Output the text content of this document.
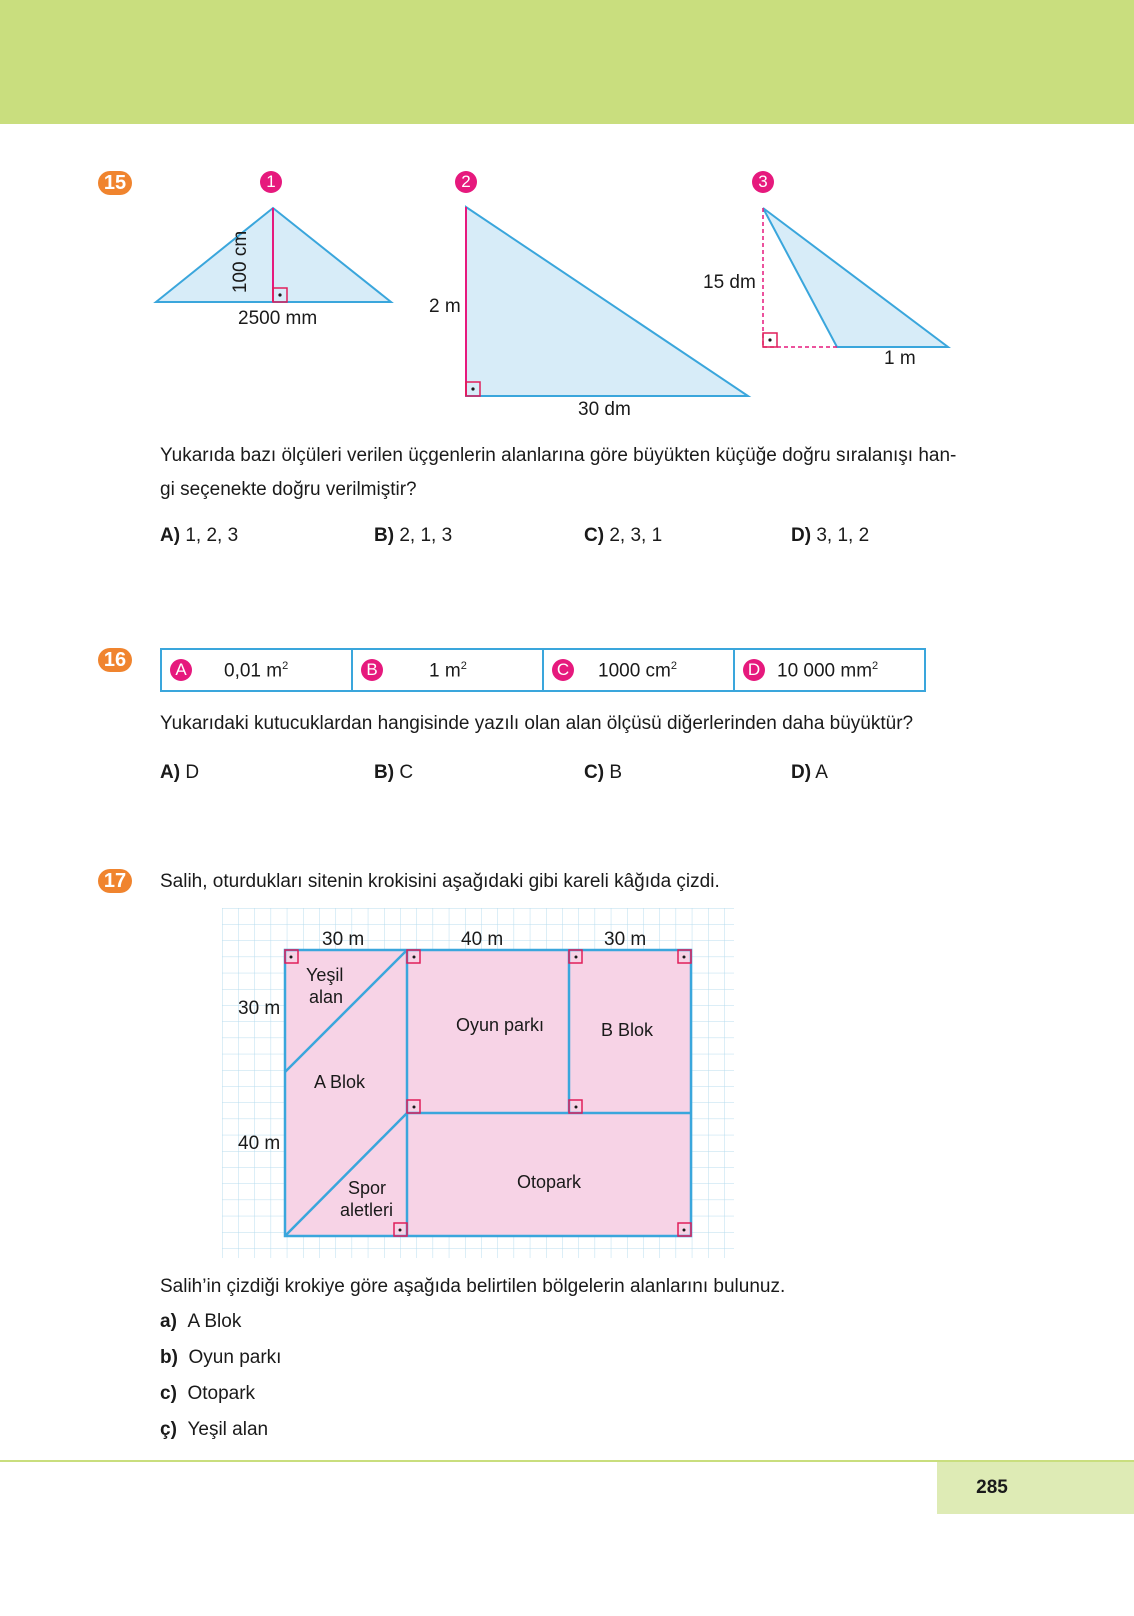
15	1	2	3
100 cm
2500 mm
2 m
30 dm
15 dm
1 m
Yukarıda bazı ölçüleri verilen üçgenlerin alanlarına göre büyükten küçüğe doğru sıralanışı han-
gi seçenekte doğru verilmiştir?
A) 1, 2, 3	B) 2, 1, 3	C) 2, 3, 1	D) 3, 1, 2
16	A 0,01 $m^2$	B	1 $m^2$	C 1000 $cm^2$	D 10 000 $mm^2$
Yukarıdaki kutucuklardan hangisinde yazılı olan alan ölçüsü diğerlerinden daha büyüktür?
A) D	B) C	C) B	D) A
17	Salih, oturdukları sitenin krokisini aşağıdaki gibi kareli kâğıda çizdi.
30 m	40 m	30 m
30 m
40 m
Yeşil
alan
A Blok
Oyun parkı	B Blok
Spor
aletleri
Otopark
Salih’in çizdiği krokiye göre aşağıda belirtilen bölgelerin alanlarını bulunuz.
a) A Blok
b) Oyun parkı
c) Otopark
ç) Yeşil alan
285
